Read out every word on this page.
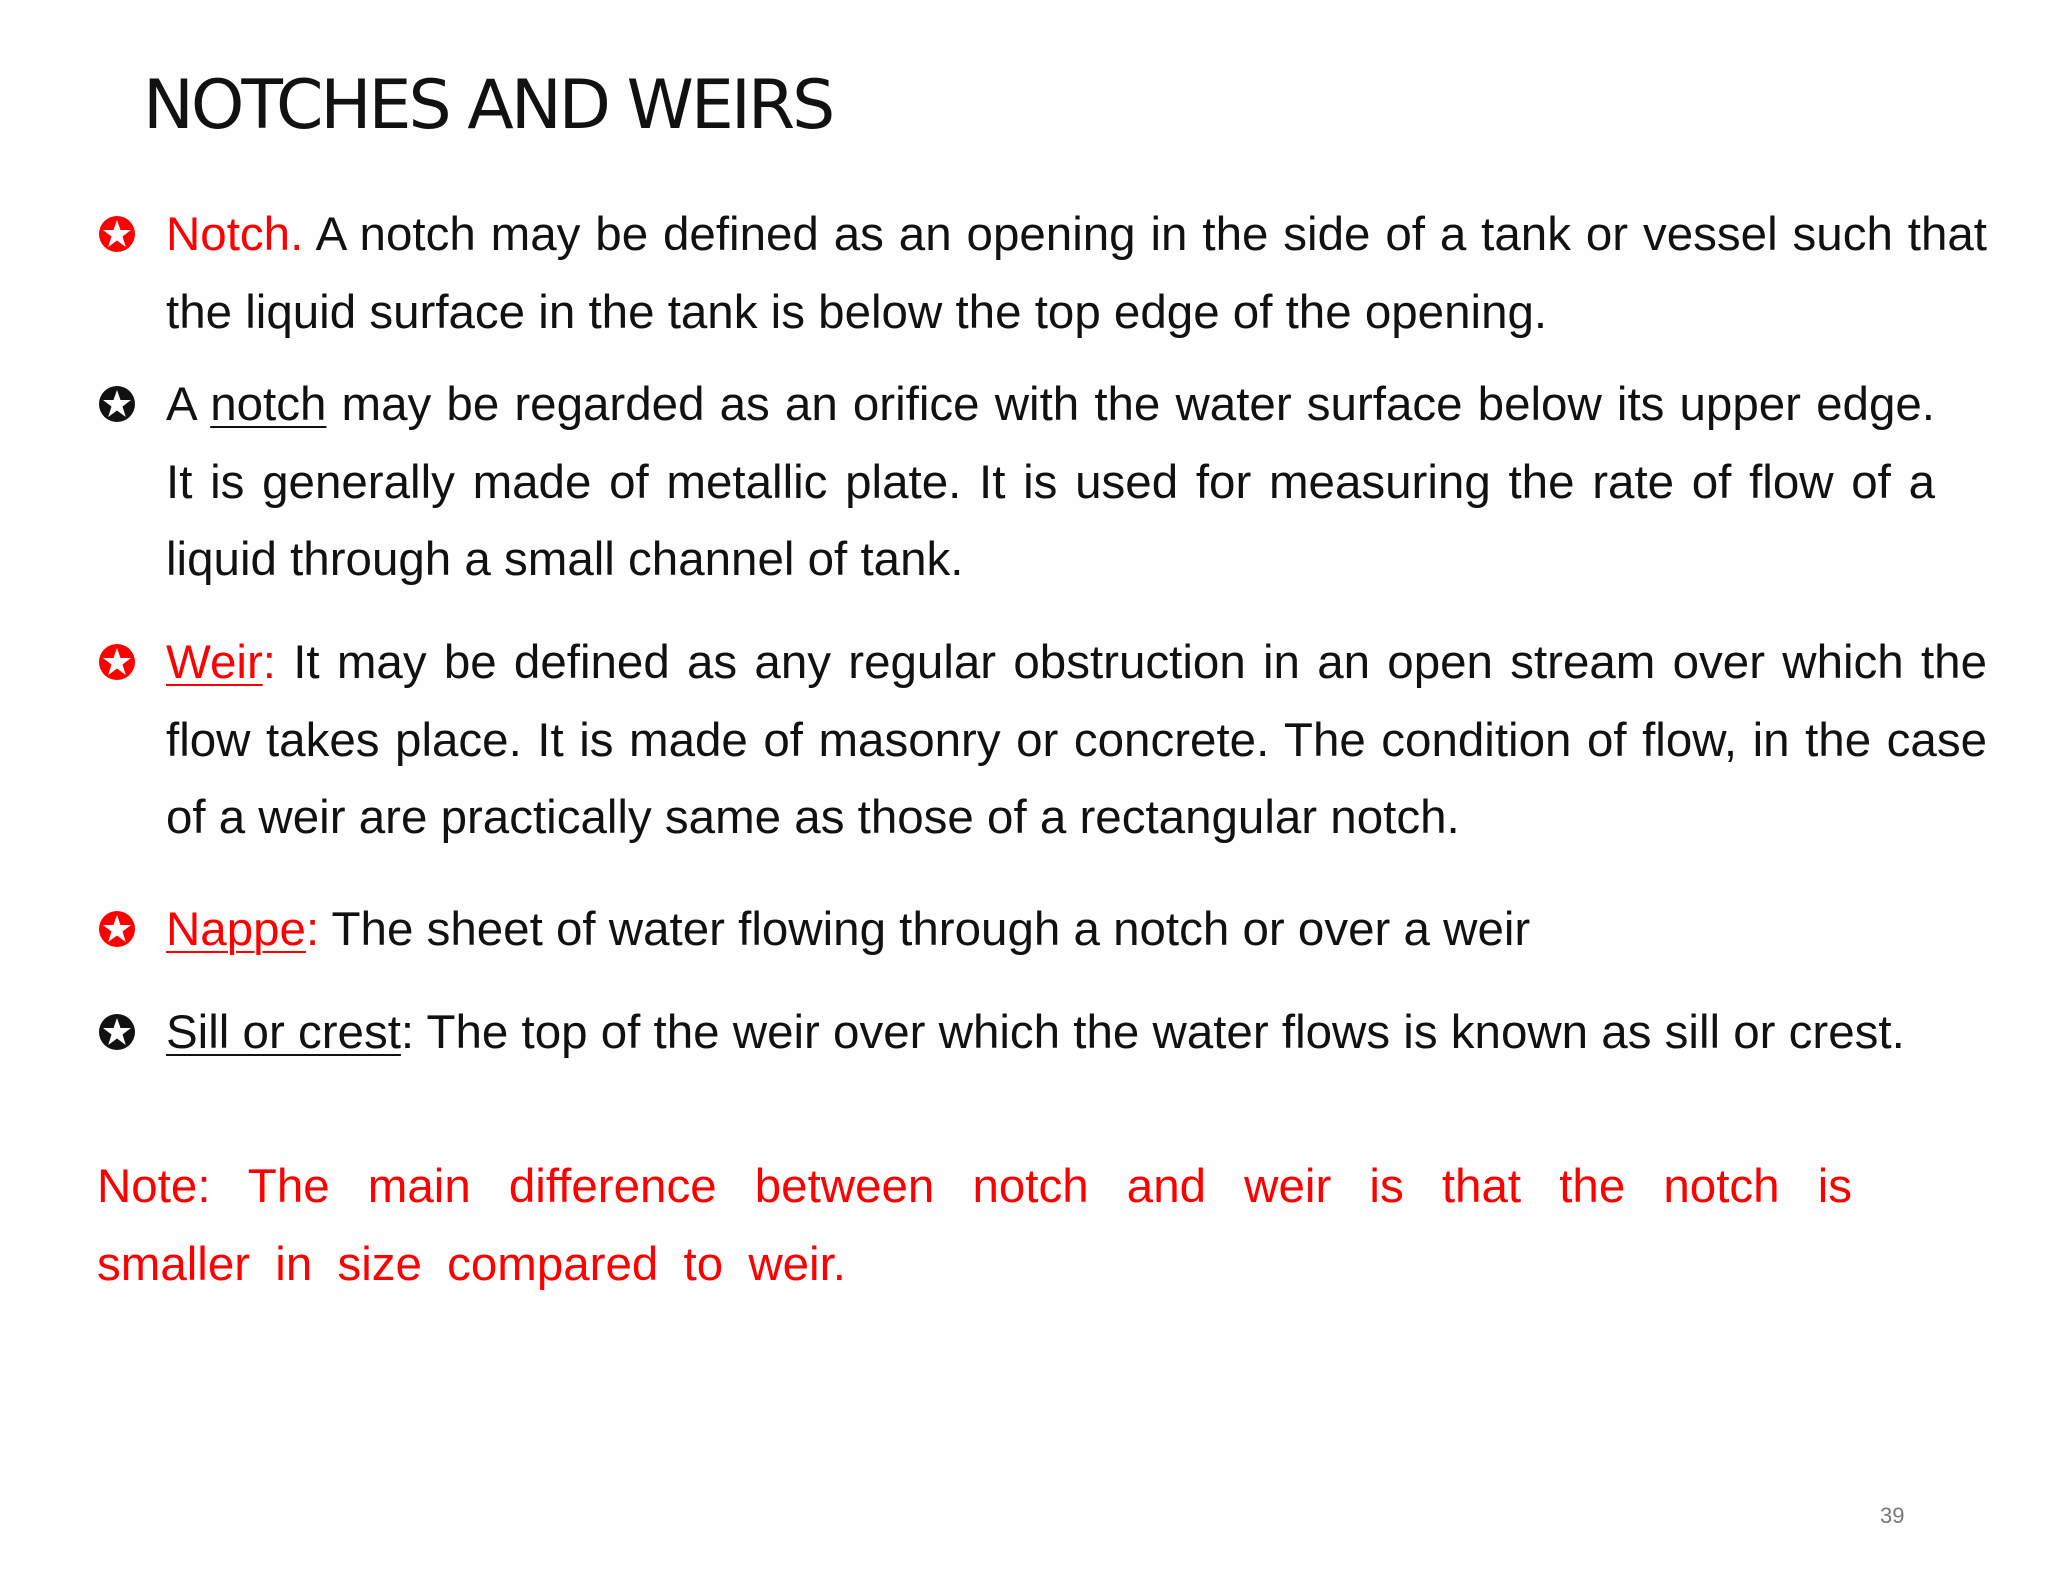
NOTCHES AND WEIRS
Notch. A notch may be defined as an opening in the side of a tank or vessel such that the liquid surface in the tank is below the top edge of the opening.
A notch may be regarded as an orifice with the water surface below its upper edge. It is generally made of metallic plate. It is used for measuring the rate of flow of a liquid through a small channel of tank.
Weir: It may be defined as any regular obstruction in an open stream over which the flow takes place. It is made of masonry or concrete. The condition of flow, in the case of a weir are practically same as those of a rectangular notch.
Nappe: The sheet of water flowing through a notch or over a weir
Sill or crest: The top of the weir over which the water flows is known as sill or crest.
Note: The main difference between notch and weir is that the notch is smaller in size compared to weir.
39
